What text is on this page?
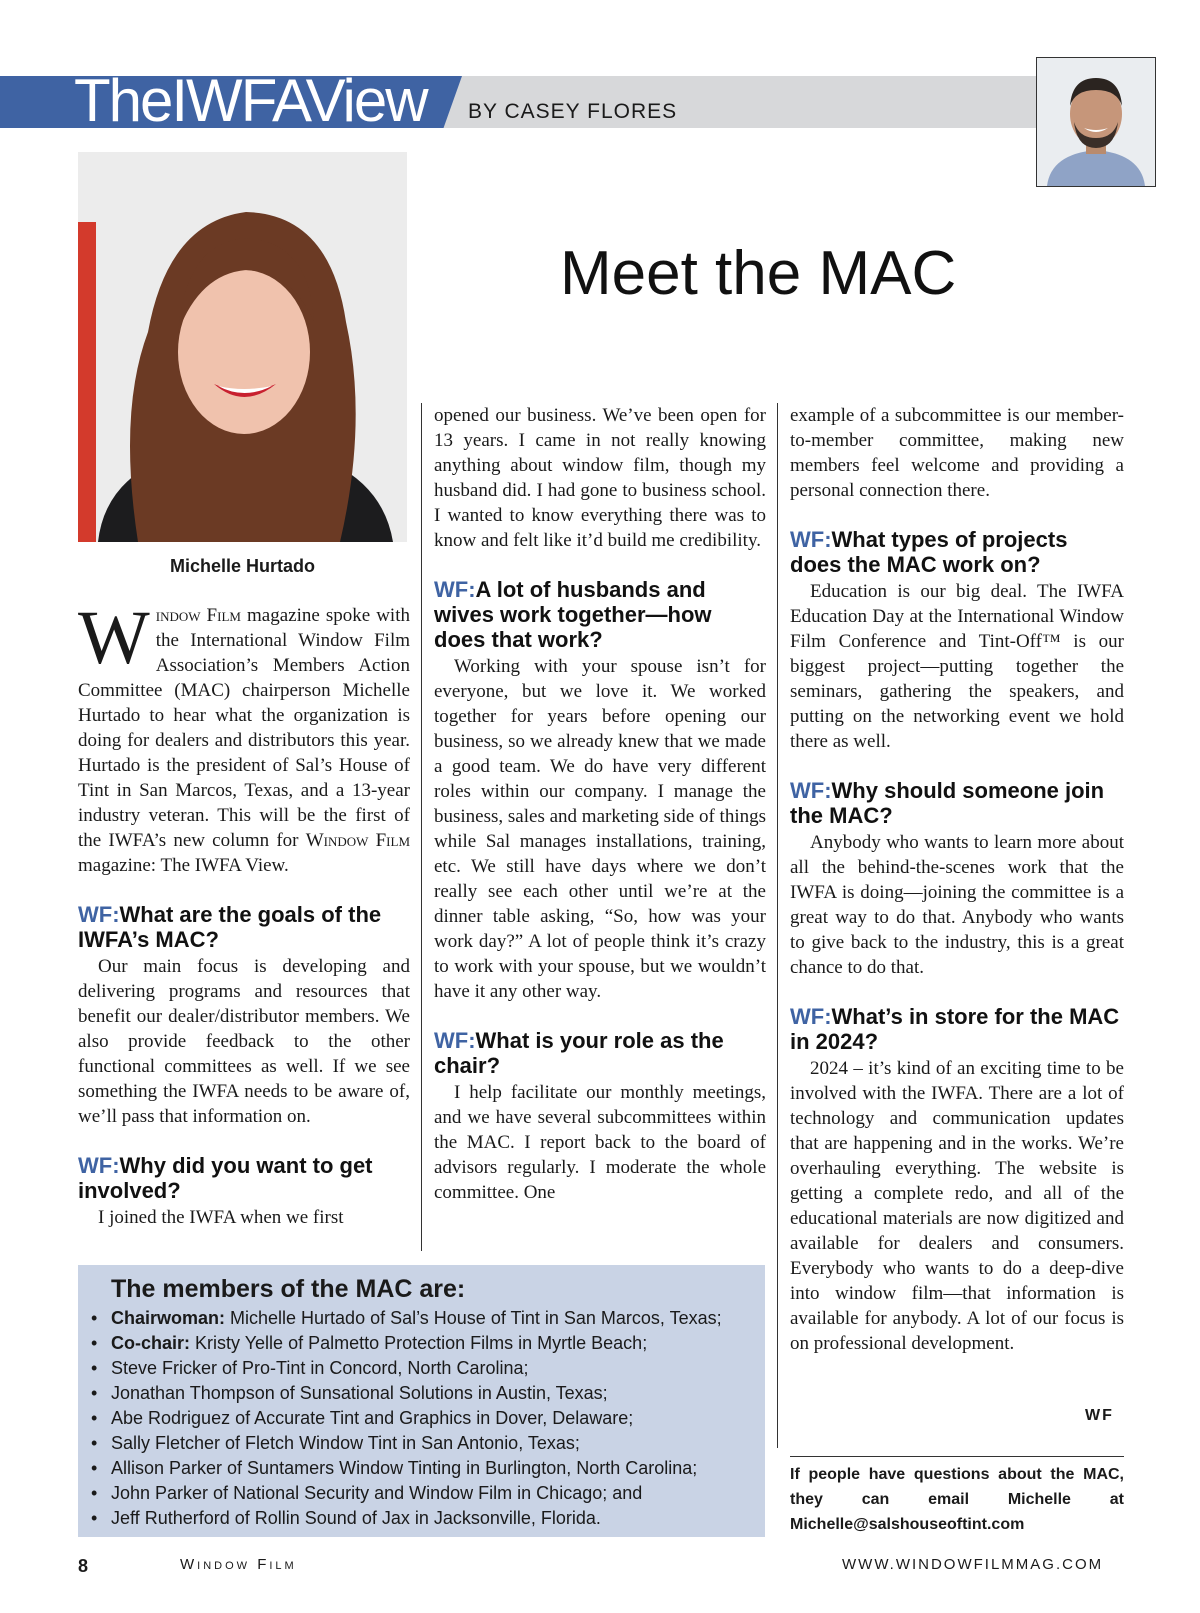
TheIWFAView BY CASEY FLORES
Michelle Hurtado
Meet the MAC

Window Film magazine spoke with the International Window Film Association’s Members Action Committee (MAC) chairperson Michelle Hurtado to hear what the organization is doing for dealers and distributors this year. Hurtado is the president of Sal’s House of Tint in San Marcos, Texas, and a 13-year industry veteran. This will be the first of the IWFA’s new column for Window Film magazine: The IWFA View.

WF:What are the goals of the IWFA’s MAC?

Our main focus is developing and delivering programs and resources that benefit our dealer/distributor members. We also provide feedback to the other functional committees as well. If we see something the IWFA needs to be aware of, we’ll pass that information on.

WF:Why did you want to get involved?

I joined the IWFA when we first

opened our business. We’ve been open for 13 years. I came in not really knowing anything about window film, though my husband did. I had gone to business school. I wanted to know everything there was to know and felt like it’d build me credibility.

WF:A lot of husbands and wives work together—how does that work?

Working with your spouse isn’t for everyone, but we love it. We worked together for years before opening our business, so we already knew that we made a good team. We do have very different roles within our company. I manage the business, sales and marketing side of things while Sal manages installations, training, etc. We still have days where we don’t really see each other until we’re at the dinner table asking, “So, how was your work day?” A lot of people think it’s crazy to work with your spouse, but we wouldn’t have it any other way.

WF:What is your role as the chair?

I help facilitate our monthly meetings, and we have several subcommittees within the MAC. I report back to the board of advisors regularly. I moderate the whole committee. One

example of a subcommittee is our member-to-member committee, making new members feel welcome and providing a personal connection there.

WF:What types of projects does the MAC work on?

Education is our big deal. The IWFA Education Day at the International Window Film Conference and Tint-Off™ is our biggest project—putting together the seminars, gathering the speakers, and putting on the networking event we hold there as well.

WF:Why should someone join the MAC?

Anybody who wants to learn more about all the behind-the-scenes work that the IWFA is doing—joining the committee is a great way to do that. Anybody who wants to give back to the industry, this is a great chance to do that.

WF:What’s in store for the MAC in 2024?

2024 – it’s kind of an exciting time to be involved with the IWFA. There are a lot of technology and communication updates that are happening and in the works. We’re overhauling everything. The website is getting a complete redo, and all of the educational materials are now digitized and available for dealers and consumers. Everybody who wants to do a deep-dive into window film—that information is available for anybody. A lot of our focus is on professional development.

WF
The members of the MAC are:
• Chairwoman: Michelle Hurtado of Sal’s House of Tint in San Marcos, Texas;
• Co-chair: Kristy Yelle of Palmetto Protection Films in Myrtle Beach;
• Steve Fricker of Pro-Tint in Concord, North Carolina;
• Jonathan Thompson of Sunsational Solutions in Austin, Texas;
• Abe Rodriguez of Accurate Tint and Graphics in Dover, Delaware;
• Sally Fletcher of Fletch Window Tint in San Antonio, Texas;
• Allison Parker of Suntamers Window Tinting in Burlington, North Carolina;
• John Parker of National Security and Window Film in Chicago; and
• Jeff Rutherford of Rollin Sound of Jax in Jacksonville, Florida.
If people have questions about the MAC, they can email Michelle at Michelle@salshouseoftint.com
8	Window Film	WWW.WINDOWFILMMAG.COM
